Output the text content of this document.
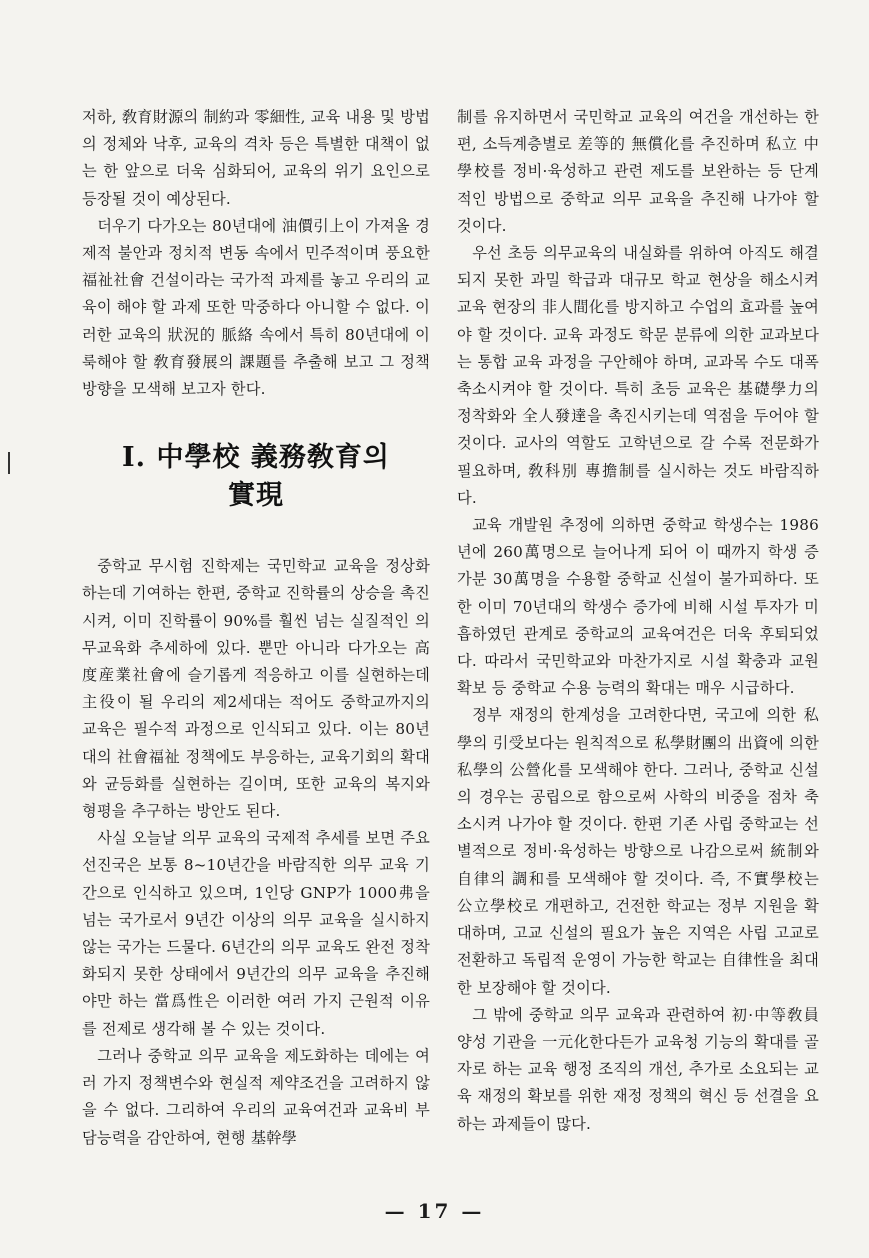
저하, 敎育財源의 制約과 零細性, 교육 내용 및 방법의 정체와 낙후, 교육의 격차 등은 특별한 대책이 없는 한 앞으로 더욱 심화되어, 교육의 위기 요인으로 등장될 것이 예상된다.

더우기 다가오는 80년대에 油價引上이 가져올 경제적 불안과 정치적 변동 속에서 민주적이며 풍요한 福祉社會 건설이라는 국가적 과제를 놓고 우리의 교육이 해야 할 과제 또한 막중하다 아니할 수 없다. 이러한 교육의 狀況的 脈絡 속에서 특히 80년대에 이룩해야 할 敎育發展의 課題를 추출해 보고 그 정책 방향을 모색해 보고자 한다.

I. 中學校 義務敎育의
實現

중학교 무시험 진학제는 국민학교 교육을 정상화하는데 기여하는 한편, 중학교 진학률의 상승을 촉진시켜, 이미 진학률이 90%를 훨씬 넘는 실질적인 의무교육화 추세하에 있다. 뿐만 아니라 다가오는 高度産業社會에 슬기롭게 적응하고 이를 실현하는데 主役이 될 우리의 제2세대는 적어도 중학교까지의 교육은 필수적 과정으로 인식되고 있다. 이는 80년대의 社會福祉 정책에도 부응하는, 교육기회의 확대와 균등화를 실현하는 길이며, 또한 교육의 복지와 형평을 추구하는 방안도 된다.

사실 오늘날 의무 교육의 국제적 추세를 보면 주요 선진국은 보통 8~10년간을 바람직한 의무 교육 기간으로 인식하고 있으며, 1인당 GNP가 1000弗을 넘는 국가로서 9년간 이상의 의무 교육을 실시하지 않는 국가는 드물다. 6년간의 의무 교육도 완전 정착화되지 못한 상태에서 9년간의 의무 교육을 추진해야만 하는 當爲性은 이러한 여러 가지 근원적 이유를 전제로 생각해 볼 수 있는 것이다.

그러나 중학교 의무 교육을 제도화하는 데에는 여러 가지 정책변수와 현실적 제약조건을 고려하지 않을 수 없다. 그리하여 우리의 교육여건과 교육비 부담능력을 감안하여, 현행 基幹學

制를 유지하면서 국민학교 교육의 여건을 개선하는 한편, 소득계층별로 差等的 無償化를 추진하며 私立 中學校를 정비·육성하고 관련 제도를 보완하는 등 단계적인 방법으로 중학교 의무 교육을 추진해 나가야 할 것이다.

우선 초등 의무교육의 내실화를 위하여 아직도 해결되지 못한 과밀 학급과 대규모 학교 현상을 해소시켜 교육 현장의 非人間化를 방지하고 수업의 효과를 높여야 할 것이다. 교육 과정도 학문 분류에 의한 교과보다는 통합 교육 과정을 구안해야 하며, 교과목 수도 대폭 축소시켜야 할 것이다. 특히 초등 교육은 基礎學力의 정착화와 全人發達을 촉진시키는데 역점을 두어야 할 것이다. 교사의 역할도 고학년으로 갈 수록 전문화가 필요하며, 敎科別 專擔制를 실시하는 것도 바람직하다.

교육 개발원 추정에 의하면 중학교 학생수는 1986년에 260萬명으로 늘어나게 되어 이 때까지 학생 증가분 30萬명을 수용할 중학교 신설이 불가피하다. 또한 이미 70년대의 학생수 증가에 비해 시설 투자가 미흡하였던 관계로 중학교의 교육여건은 더욱 후퇴되었다. 따라서 국민학교와 마찬가지로 시설 확충과 교원 확보 등 중학교 수용 능력의 확대는 매우 시급하다.

정부 재정의 한계성을 고려한다면, 국고에 의한 私學의 引受보다는 원칙적으로 私學財團의 出資에 의한 私學의 公營化를 모색해야 한다. 그러나, 중학교 신설의 경우는 공립으로 함으로써 사학의 비중을 점차 축소시켜 나가야 할 것이다. 한편 기존 사립 중학교는 선별적으로 정비·육성하는 방향으로 나감으로써 統制와 自律의 調和를 모색해야 할 것이다. 즉, 不實學校는 公立學校로 개편하고, 건전한 학교는 정부 지원을 확대하며, 고교 신설의 필요가 높은 지역은 사립 고교로 전환하고 독립적 운영이 가능한 학교는 自律性을 최대한 보장해야 할 것이다.

그 밖에 중학교 의무 교육과 관련하여 初·中等敎員 양성 기관을 一元化한다든가 교육청 기능의 확대를 골자로 하는 교육 행정 조직의 개선, 추가로 소요되는 교육 재정의 확보를 위한 재정 정책의 혁신 등 선결을 요하는 과제들이 많다.

— 17 —
